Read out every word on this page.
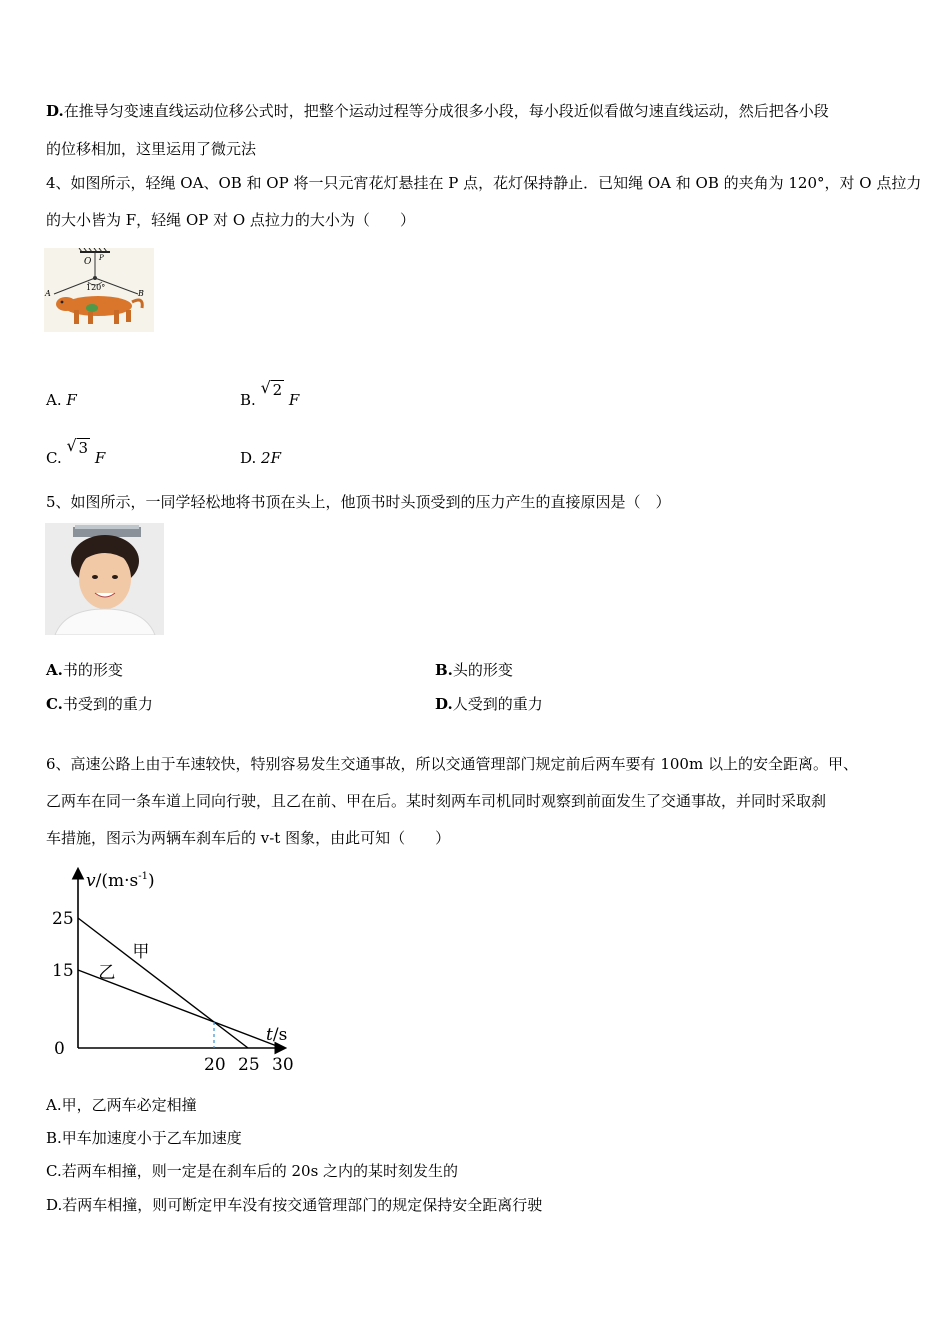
D.在推导匀变速直线运动位移公式时，把整个运动过程等分成很多小段，每小段近似看做匀速直线运动，然后把各小段
的位移相加，这里运用了微元法
4、如图所示，轻绳 OA、OB 和 OP 将一只元宵花灯悬挂在 P 点，花灯保持静止．已知绳 OA 和 OB 的夹角为 120°，对 O 点拉力
的大小皆为 F，轻绳 OP 对 O 点拉力的大小为（　　）
O P
A	B
120°
A. F	B.
√ 2 F
C.
√ 3 F	D. 2F
5、如图所示，一同学轻松地将书顶在头上，他顶书时头顶受到的压力产生的直接原因是（　）
A.书的形变	B.头的形变
C.书受到的重力	D.人受到的重力
6、高速公路上由于车速较快，特别容易发生交通事故，所以交通管理部门规定前后两车要有 100m 以上的安全距离。甲、
乙两车在同一条车道上同向行驶，且乙在前、甲在后。某时刻两车司机同时观察到前面发生了交通事故，并同时采取刹
车措施，图示为两辆车刹车后的 v-t 图象，由此可知（　　）
$v/(m\cdot s^{-1})$
t/s
0
25
15
20 25 30
甲
乙
A.甲，乙两车必定相撞
B.甲车加速度小于乙车加速度
C.若两车相撞，则一定是在刹车后的 20s 之内的某时刻发生的
D.若两车相撞，则可断定甲车没有按交通管理部门的规定保持安全距离行驶
